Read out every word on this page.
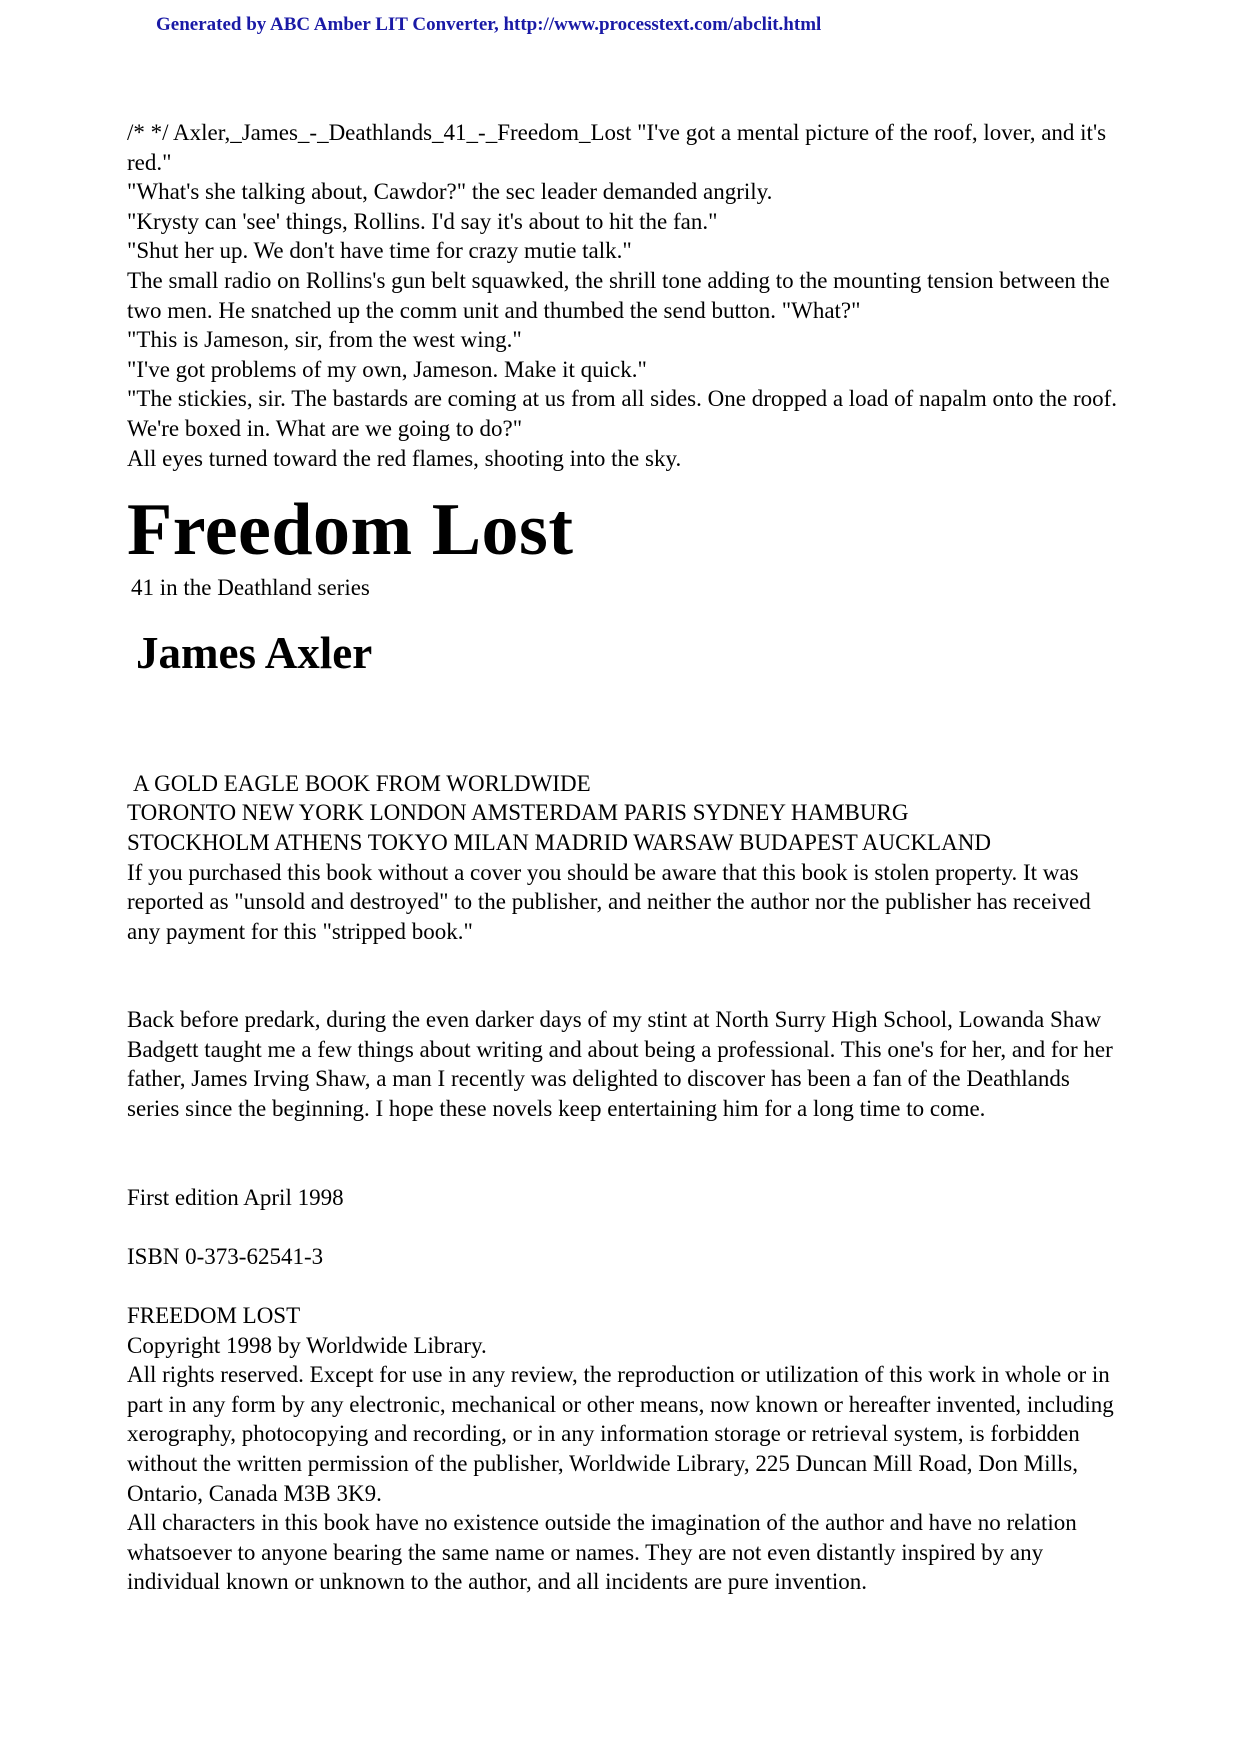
Generated by ABC Amber LIT Converter, http://www.processtext.com/abclit.html

/* */ Axler,_James_-_Deathlands_41_-_Freedom_Lost "I've got a mental picture of the roof, lover, and it's red."

"What's she talking about, Cawdor?" the sec leader demanded angrily.

"Krysty can 'see' things, Rollins. I'd say it's about to hit the fan."

"Shut her up. We don't have time for crazy mutie talk."

The small radio on Rollins's gun belt squawked, the shrill tone adding to the mounting tension between the two men. He snatched up the comm unit and thumbed the send button. "What?"

"This is Jameson, sir, from the west wing."

"I've got problems of my own, Jameson. Make it quick."

"The stickies, sir. The bastards are coming at us from all sides. One dropped a load of napalm onto the roof. We're boxed in. What are we going to do?"

All eyes turned toward the red flames, shooting into the sky.

Freedom Lost

41 in the Deathland series

James Axler

A GOLD EAGLE BOOK FROM WORLDWIDE

TORONTO NEW YORK LONDON AMSTERDAM PARIS SYDNEY HAMBURG

STOCKHOLM ATHENS TOKYO MILAN MADRID WARSAW BUDAPEST AUCKLAND

If you purchased this book without a cover you should be aware that this book is stolen property. It was reported as "unsold and destroyed" to the publisher, and neither the author nor the publisher has received any payment for this "stripped book."

Back before predark, during the even darker days of my stint at North Surry High School, Lowanda Shaw Badgett taught me a few things about writing and about being a professional. This one's for her, and for her father, James Irving Shaw, a man I recently was delighted to discover has been a fan of the Deathlands series since the beginning. I hope these novels keep entertaining him for a long time to come.

First edition April 1998

ISBN 0-373-62541-3

FREEDOM LOST

Copyright 1998 by Worldwide Library.

All rights reserved. Except for use in any review, the reproduction or utilization of this work in whole or in part in any form by any electronic, mechanical or other means, now known or hereafter invented, including xerography, photocopying and recording, or in any information storage or retrieval system, is forbidden without the written permission of the publisher, Worldwide Library, 225 Duncan Mill Road, Don Mills, Ontario, Canada M3B 3K9.

All characters in this book have no existence outside the imagination of the author and have no relation whatsoever to anyone bearing the same name or names. They are not even distantly inspired by any individual known or unknown to the author, and all incidents are pure invention.
